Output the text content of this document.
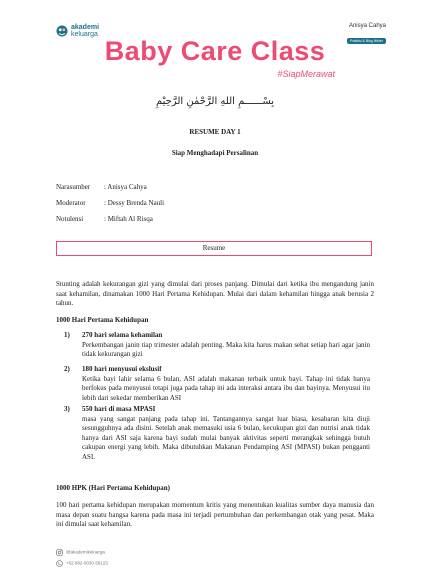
akademi
keluarga
Anisya Cahya
Praktisi & Blog Writer
Baby Care Class
#SiapMerawat
بِسْــــــمِ اللهِ الرَّحْمٰنِ الرَّحِيْمِ
RESUME DAY 1
Siap Menghadapi Persalinan
Narasumber : Anisya Cahya
Moderator	: Dessy Brenda Nauli
Notulensi	: Miftah Al Risqa
Resume
Stunting adalah kekurangan gizi yang dimulai dari proses panjang. Dimulai dari ketika ibu mengandung janin saat kehamilan, dinamakan 1000 Hari Pertama Kehidupan. Mulai dari dalam kehamilan hingga anak berusia 2 tahun.
1000 Hari Pertama Kehidupan
1) 270 hari selama kehamilan
Perkembangan janin tiap trimester adalah penting. Maka kita harus makan sehat setiap hari agar janin tidak kekurangan gizi
2) 180 hari menyusui ekslusif
Ketika bayi lahir selama 6 bulan, ASI adalah makanan terbaik untuk bayi. Tahap ini tidak hanya berfokus pada menyusui tetapi juga pada tahap ini ada interaksi antara ibu dan bayinya. Menyusui itu lebih dari sekedar memberikan ASI
3) 550 hari di masa MPASI
masa yang sangat panjang pada tahap ini. Tantangannya sangat luar biasa, kesabaran kita diuji sesungguhnya ada disini. Setelah anak memasuki usia 6 bulan, kecukupan gizi dan nutrisi anak tidak hanya dari ASI saja karena bayi sudah mulai banyak aktivitas seperti merangkak sehingga butuh cakupan energi yang lebih. Maka dibutuhkan Makanan Pendamping ASI (MPASI) bukan pengganti ASI.
1000 HPK (Hari Pertama Kehidupan)
100 hari pertama kehidupan merupakan momentum kritis yang menentukan kualitas sumber daya manusia dan masa depan suatu bangsa karena pada masa ini terjadi pertumbuhan dan perkembangan otak yang pesat. Maka ini dimulai saat kehamilan.
@akademikeluarga
+62 882-0030-56123
